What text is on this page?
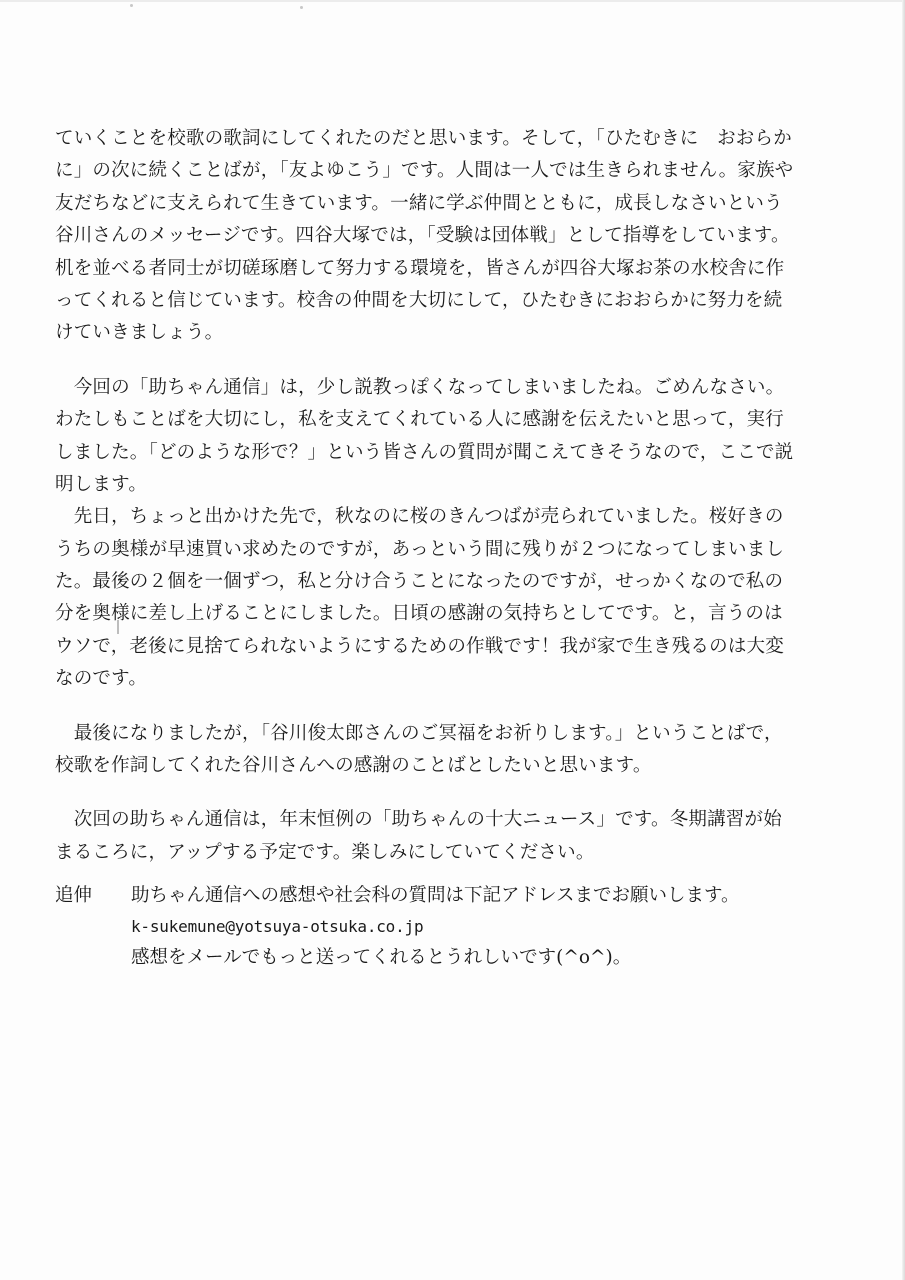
ていくことを校歌の歌詞にしてくれたのだと思います。そして，「ひたむきに　おおらか
に」の次に続くことばが，「友よゆこう」です。人間は一人では生きられません。家族や
友だちなどに支えられて生きています。一緒に学ぶ仲間とともに，成長しなさいという
谷川さんのメッセージです。四谷大塚では，「受験は団体戦」として指導をしています。
机を並べる者同士が切磋琢磨して努力する環境を，皆さんが四谷大塚お茶の水校舎に作
ってくれると信じています。校舎の仲間を大切にして，ひたむきにおおらかに努力を続
けていきましょう。
　今回の「助ちゃん通信」は，少し説教っぽくなってしまいましたね。ごめんなさい。
わたしもことばを大切にし，私を支えてくれている人に感謝を伝えたいと思って，実行
しました。「どのような形で？」という皆さんの質問が聞こえてきそうなので，ここで説
明します。
　先日，ちょっと出かけた先で，秋なのに桜のきんつばが売られていました。桜好きの
うちの奥様が早速買い求めたのですが，あっという間に残りが２つになってしまいまし
た。最後の２個を一個ずつ，私と分け合うことになったのですが，せっかくなので私の
分を奥様に差し上げることにしました。日頃の感謝の気持ちとしてです。と，言うのは
ウソで，老後に見捨てられないようにするための作戦です！我が家で生き残るのは大変
なのです。
　最後になりましたが，「谷川俊太郎さんのご冥福をお祈りします。」ということばで，
校歌を作詞してくれた谷川さんへの感謝のことばとしたいと思います。
　次回の助ちゃん通信は，年末恒例の「助ちゃんの十大ニュース」です。冬期講習が始
まるころに，アップする予定です。楽しみにしていてください。
追伸 助ちゃん通信への感想や社会科の質問は下記アドレスまでお願いします。
k-sukemune@yotsuya-otsuka.co.jp
感想をメールでもっと送ってくれるとうれしいです(^o^)。
